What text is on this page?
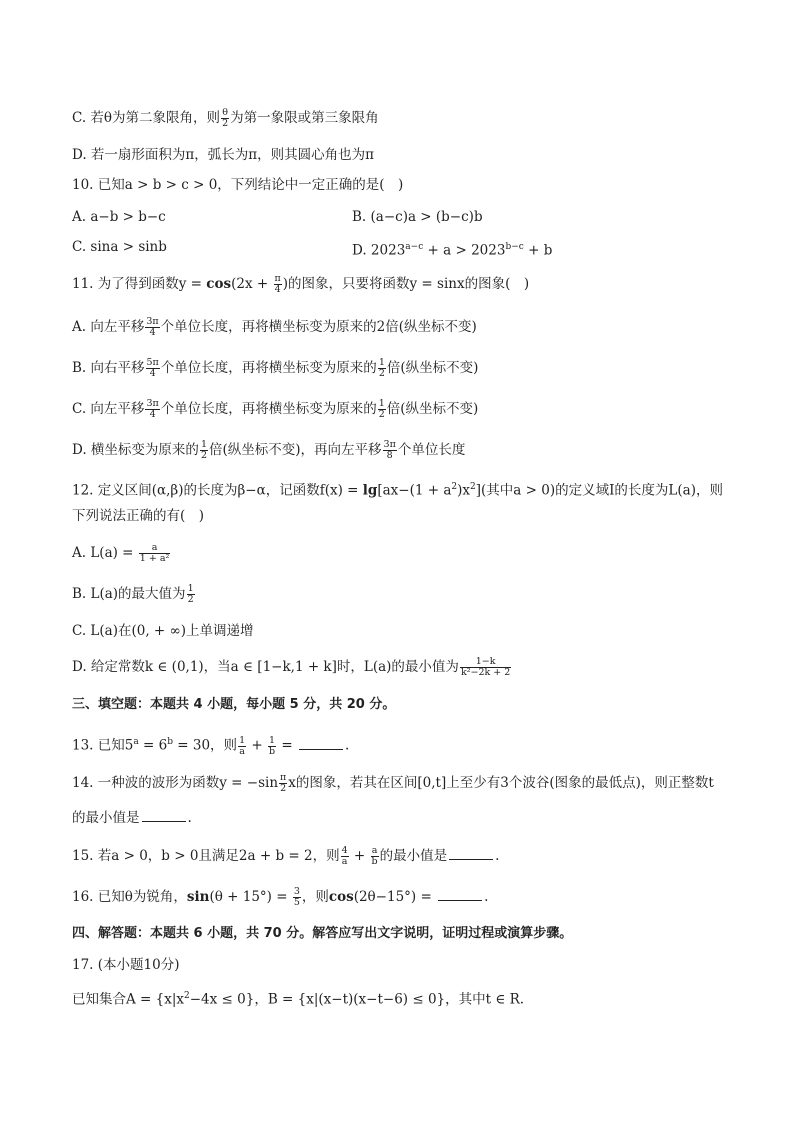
C. 若θ为第二象限角，则 $\frac{\theta}{2}$ 为第一象限或第三象限角
D. 若一扇形面积为π，弧长为π，则其圆心角也为π
10. 已知a > b > c > 0，下列结论中一定正确的是(　)
A. a−b > b−c	B. (a−c)a > (b−c)b
C. sina > sinb	D. $2023^{a-c} + a > 2023^{b-c} + b$
11. 为了得到函数$y = \cos(2x + \frac{\pi}{4}$ )的图象，只要将函数y = sinx的图象(　)
A. 向左平移 $\frac{3\pi}{4}$ 个单位长度，再将横坐标变为原来的2倍(纵坐标不变)
B. 向右平移 $\frac{5\pi}{4}$ 个单位长度，再将横坐标变为原来的 $\frac{1}{2}$ 倍(纵坐标不变)
C. 向左平移 $\frac{3\pi}{4}$ 个单位长度，再将横坐标变为原来的 $\frac{1}{2}$ 倍(纵坐标不变)
D. 横坐标变为原来的 $\frac{1}{2}$ 倍(纵坐标不变)，再向左平移 $\frac{3\pi}{8}$ 个单位长度
12. 定义区间(α,β)的长度为β−α，记函数$f(x) = \lg[ax-(1 + a^2)x^2]$(其中a > 0)的定义域I的长度为L(a)，则
下列说法正确的有(　)
A. $L(a) = \frac{a}{\text{1 + a²}}$
B. L(a)的最大值为 $\frac{1}{2}$
C. L(a)在(0, + ∞)上单调递增
D. 给定常数k ∈ (0,1)，当a ∈ [1−k,1 + k]时，L(a)的最小值为 $\frac{1-k}{\text{k²−2k + 2}}$
三、填空题：本题共 4 小题，每小题 5 分，共 20 分。
13. 已知$5^a = 6^b = 30$，则 $\frac{1}{a} + \frac{1}{b}$ =	.
14. 一种波的波形为函数$y = -\sin \frac{\pi}{2}$ x的图象，若其在区间[0,t]上至少有3个波谷(图象的最低点)，则正整数t
的最小值是	.
15. 若a > 0，b > 0且满足2a + b = 2，则 $\frac{4}{a} + \frac{a}{b}$ 的最小值是	.
16. 已知θ为锐角，$\sin(\theta + 15^\circ) = \frac{3}{5}$ ，则cos(2θ−15°) =	.
四、解答题：本题共 6 小题，共 70 分。解答应写出文字说明，证明过程或演算步骤。
17. (本小题10分)
已知集合$A = \{x|x^2-4x \le 0\}$，B = {x|(x−t)(x−t−6) ≤ 0}，其中t ∈ R.
